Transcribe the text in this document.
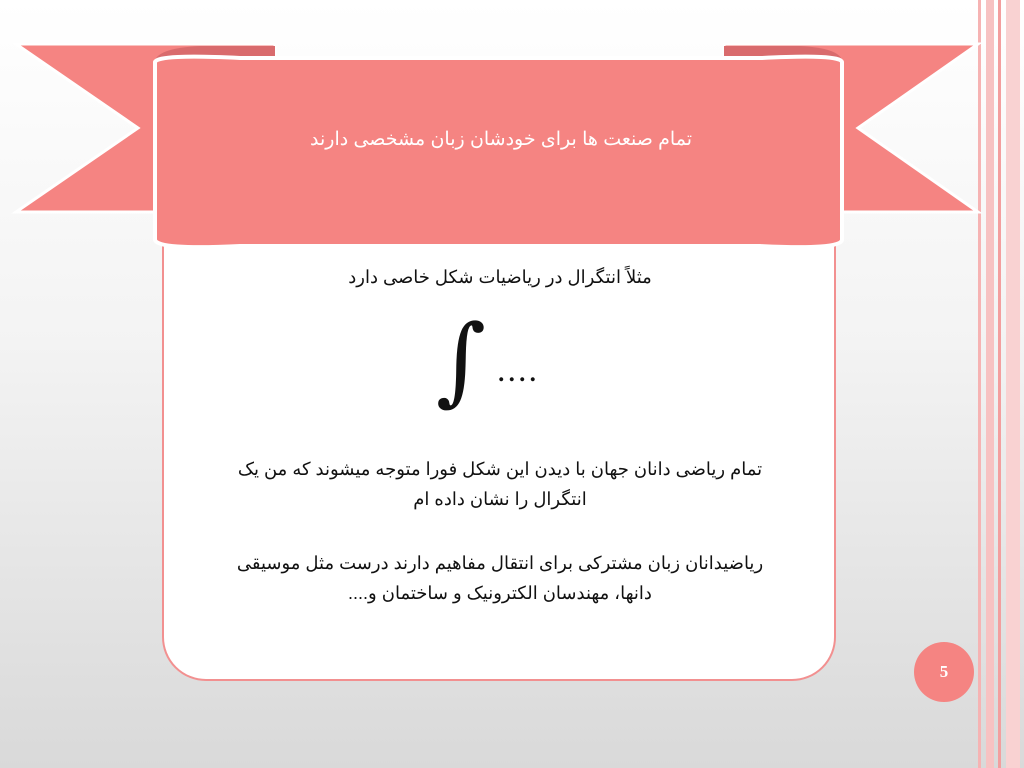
تمام صنعت ها برای خودشان زبان مشخصی دارند
مثلاً انتگرال در ریاضیات شکل خاصی دارد
∫ ....
تمام ریاضی دانان جهان با دیدن این شکل فورا متوجه میشوند که من یک
انتگرال را نشان داده ام
ریاضیدانان زبان مشترکی برای انتقال مفاهیم دارند درست مثل موسیقی
دانها، مهندسان الکترونیک و ساختمان و....
5
